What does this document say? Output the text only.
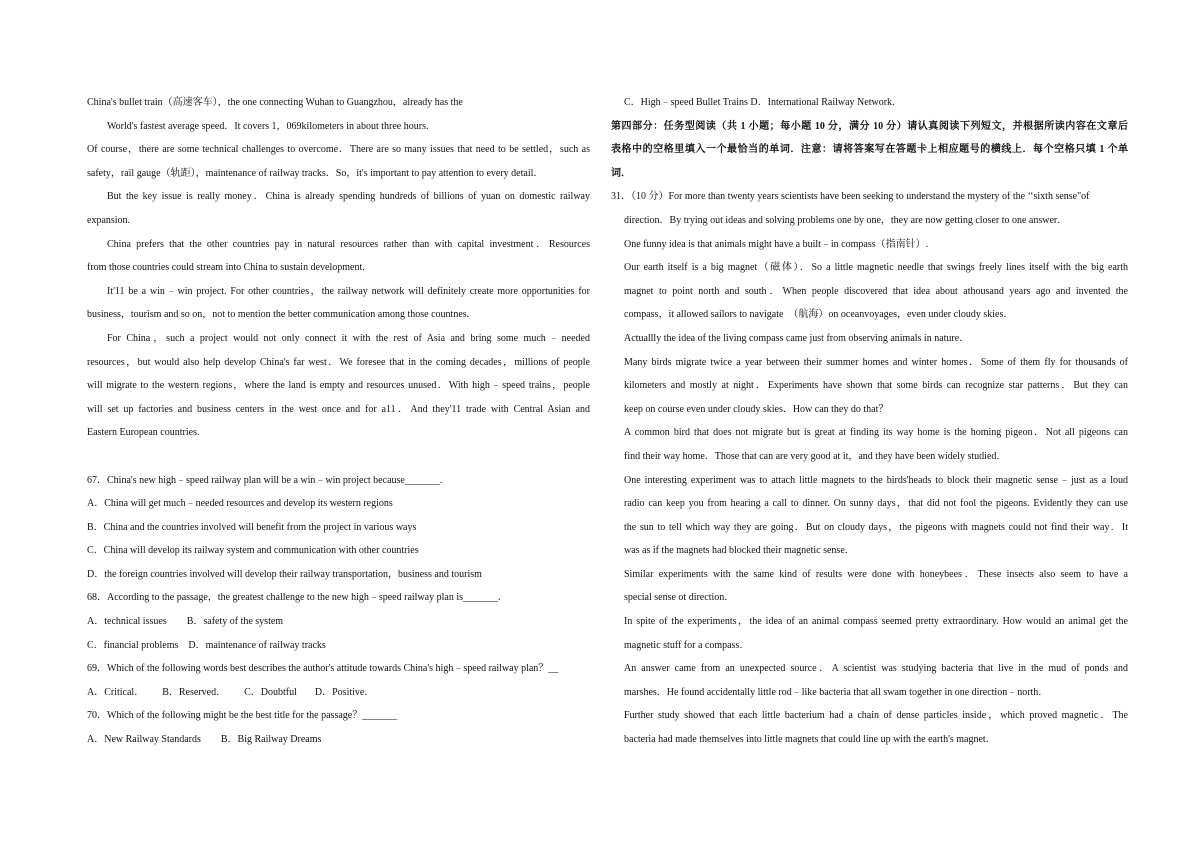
China's bullet train（高速客车），the one connecting Wuhan to Guangzhou，already has the
World's fastest average speed．It covers 1，069kilometers in about three hours.
Of course，there are some technical challenges to overcome．There are so many issues that need to be settled，such as
safety，rail gauge（轨距），maintenance of railway tracks．So，it's important to pay attention to every detail．
But the key issue is really money．China is already spending hundreds of billions of yuan on domestic railway
expansion.
China prefers that the other countries pay in natural resources rather than with capital investment．Resources
from those countries could stream into China to sustain development.
It'11 be a win﹣win project. For other countries，the railway network will definitely create more opportunities for
business，tourism and so on，not to mention the better communication among those countnes.
For China，such a project would not only connect it with the rest of Asia and bring some much﹣needed
resources，but would also help develop China's far west．We foresee that in the coming decades，millions of people
will migrate to the western regions，where the land is empty and resources unused．With high﹣speed trains，people
will set up factories and business centers in the west once and for a11．And they'11 trade with Central Asian and
Eastern European countries.
67．China's new high﹣speed railway plan will be a win﹣win project because_______.
A．China will get much﹣needed resources and develop its western regions
B．China and the countries involved will benefit from the project in various ways
C．China will develop its railway system and communication with other countries
D．the foreign countries involved will develop their railway transportation，business and tourism
68．According to the passage，the greatest challenge to the new high﹣speed railway plan is_______.
A．technical issues　　B．safety of the system
C．financial problems　D．maintenance of railway tracks
69．Which of the following words best describes the author's attitude towards China's high﹣speed railway plan？__
A．Critical． B．Reserved． C．Doubtful D．Positive．
70．Which of the following might be the best title for the passage？_______
A．New Railway Standards　　B．Big Railway Dreams
C．High﹣speed Bullet Trains D．International Railway Network．
第四部分：任务型阅读（共 1 小题；每小题 10 分，满分 10 分）请认真阅读下列短文，并根据所读内容在文章后
表格中的空格里填入一个最恰当的单词．注意：请将答案写在答题卡上相应题号的横线上．每个空格只填 1 个单
词．
31．（10 分）For more than twenty years scientists have been seeking to understand the mystery of the ‘‘sixth sense"of
direction．By trying out ideas and solving problems one by one，they are now getting closer to one answer．
One funny idea is that animals might have a built﹣in compass（指南针）.
Our earth itself is a big magnet（磁体）．So a little magnetic needle that swings freely lines itself with the big earth
magnet to point north and south．When people discovered that idea about athousand years ago and invented the
compass，it allowed sailors to navigate　（航海）on oceanvoyages，even under cloudy skies．
Actuallly the idea of the living compass came just from observing animals in nature．
Many birds migrate twice a year between their summer homes and winter homes．Some of them fly for thousands of
kilometers and mostly at night．Experiments have shown that some birds can recognize star patterns．But they can
keep on course even under cloudy skies．How can they do that？
A common bird that does not migrate but is great at finding its way home is the homing pigeon．Not all pigeons can
find their way home．Those that can are very good at it，and they have been widely studied．
One interesting experiment was to attach little magnets to the birds'heads to block their magnetic sense﹣just as a loud
radio can keep you from hearing a call to dinner. On sunny days，that did not fool the pigeons. Evidently they can use
the sun to tell which way they are going．But on cloudy days，the pigeons with magnets could not find their way．It
was as if the magnets had blocked their magnetic sense．
Similar experiments with the same kind of results were done with honeybees．These insects also seem to have a
special sense ot direction．
In spite of the experiments，the idea of an animal compass seemed pretty extraordinary. How would an animal get the
magnetic stuff for a compass．
An answer came from an unexpected source．A scientist was studying bacteria that live in the mud of ponds and
marshes．He found accidentally little rod﹣like bacteria that all swam together in one direction﹣north．
Further study showed that each little bacterium had a chain of dense particles inside，which proved magnetic．The
bacteria had made themselves into little magnets that could line up with the earth's magnet．
